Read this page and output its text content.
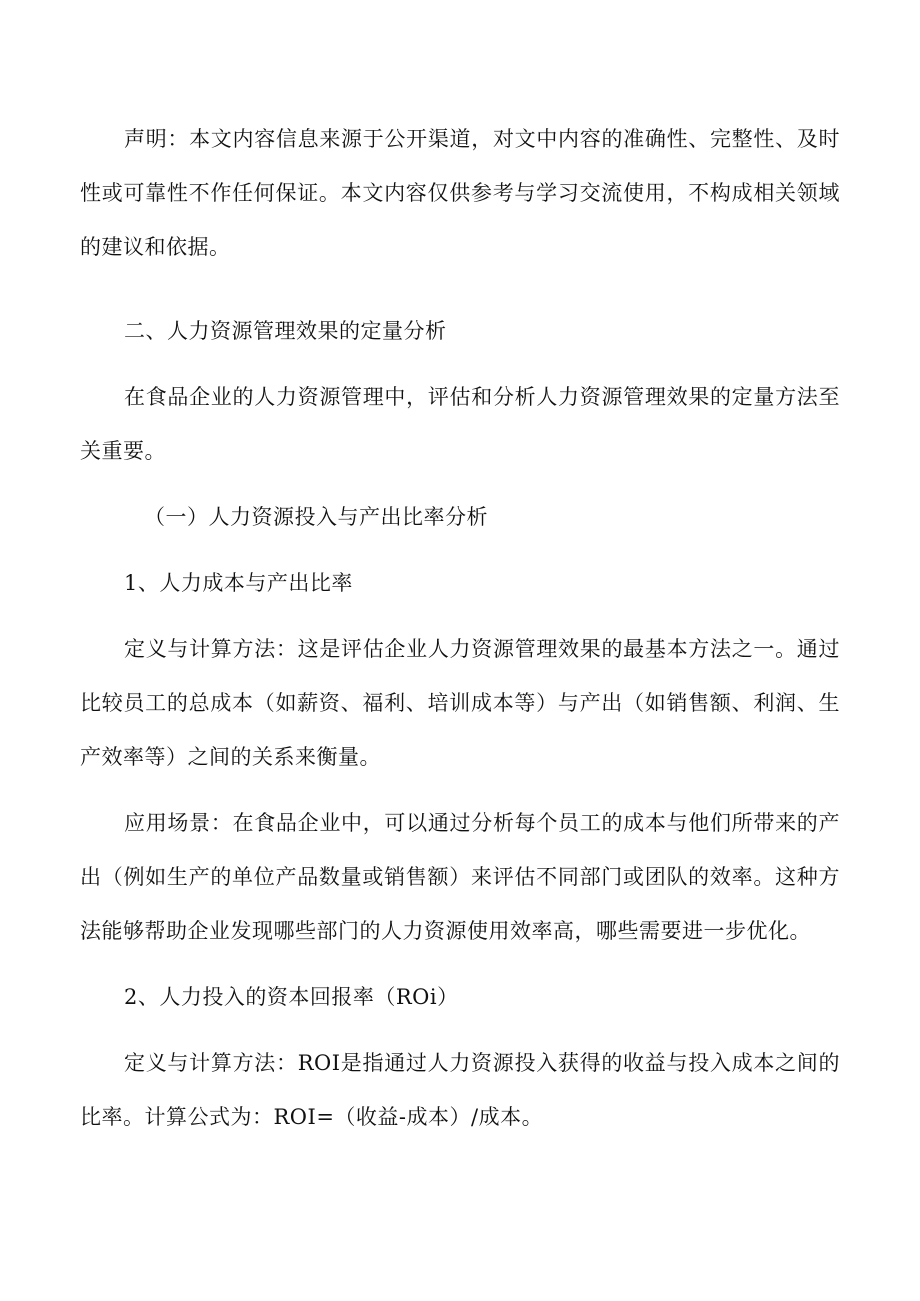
声明：本文内容信息来源于公开渠道，对文中内容的准确性、完整性、及时性或可靠性不作任何保证。本文内容仅供参考与学习交流使用，不构成相关领域的建议和依据。

二、人力资源管理效果的定量分析

在食品企业的人力资源管理中，评估和分析人力资源管理效果的定量方法至关重要。

（一）人力资源投入与产出比率分析

1、人力成本与产出比率

定义与计算方法：这是评估企业人力资源管理效果的最基本方法之一。通过比较员工的总成本（如薪资、福利、培训成本等）与产出（如销售额、利润、生产效率等）之间的关系来衡量。

应用场景：在食品企业中，可以通过分析每个员工的成本与他们所带来的产出（例如生产的单位产品数量或销售额）来评估不同部门或团队的效率。这种方法能够帮助企业发现哪些部门的人力资源使用效率高，哪些需要进一步优化。

2、人力投入的资本回报率（ROi）

定义与计算方法：ROI是指通过人力资源投入获得的收益与投入成本之间的比率。计算公式为：ROI=（收益-成本）/成本。
